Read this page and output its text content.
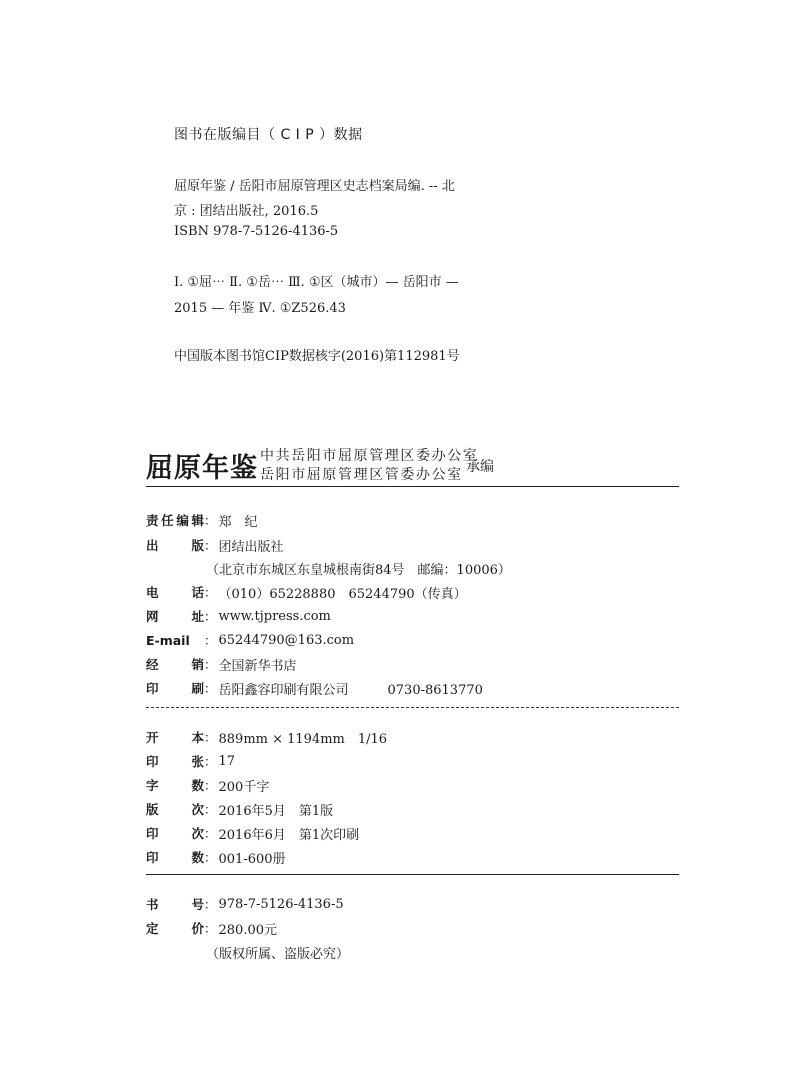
图书在版编目（ C I P ）数据
屈原年鉴 / 岳阳市屈原管理区史志档案局编. -- 北
京 : 团结出版社, 2016.5
ISBN 978-7-5126-4136-5
Ⅰ. ①屈⋯ Ⅱ. ①岳⋯ Ⅲ. ①区（城市）— 岳阳市 —
2015 — 年鉴 Ⅳ. ①Z526.43
中国版本图书馆CIP数据核字(2016)第112981号
屈原年鉴 中共岳阳市屈原管理区委办公室
岳阳市屈原管理区管委办公室 承编
责任编辑 ： 郑　纪
出　　版 ： 团结出版社
（北京市东城区东皇城根南街84号　邮编：10006）
电　　话 ： （010）65228880　65244790（传真）
网　　址 ： www.tjpress.com
E-mail	： 65244790@163.com
经　　销 ： 全国新华书店
印　　刷 ： 岳阳鑫容印刷有限公司　　　0730-8613770
开　　本 ： 889mm × 1194mm　1/16
印　　张 ： 17
字　　数 ： 200千字
版　　次 ： 2016年5月　第1版
印　　次 ： 2016年6月　第1次印刷
印　　数 ： 001-600册
书　　号 ： 978-7-5126-4136-5
定　　价 ： 280.00元
（版权所属、盗版必究）
